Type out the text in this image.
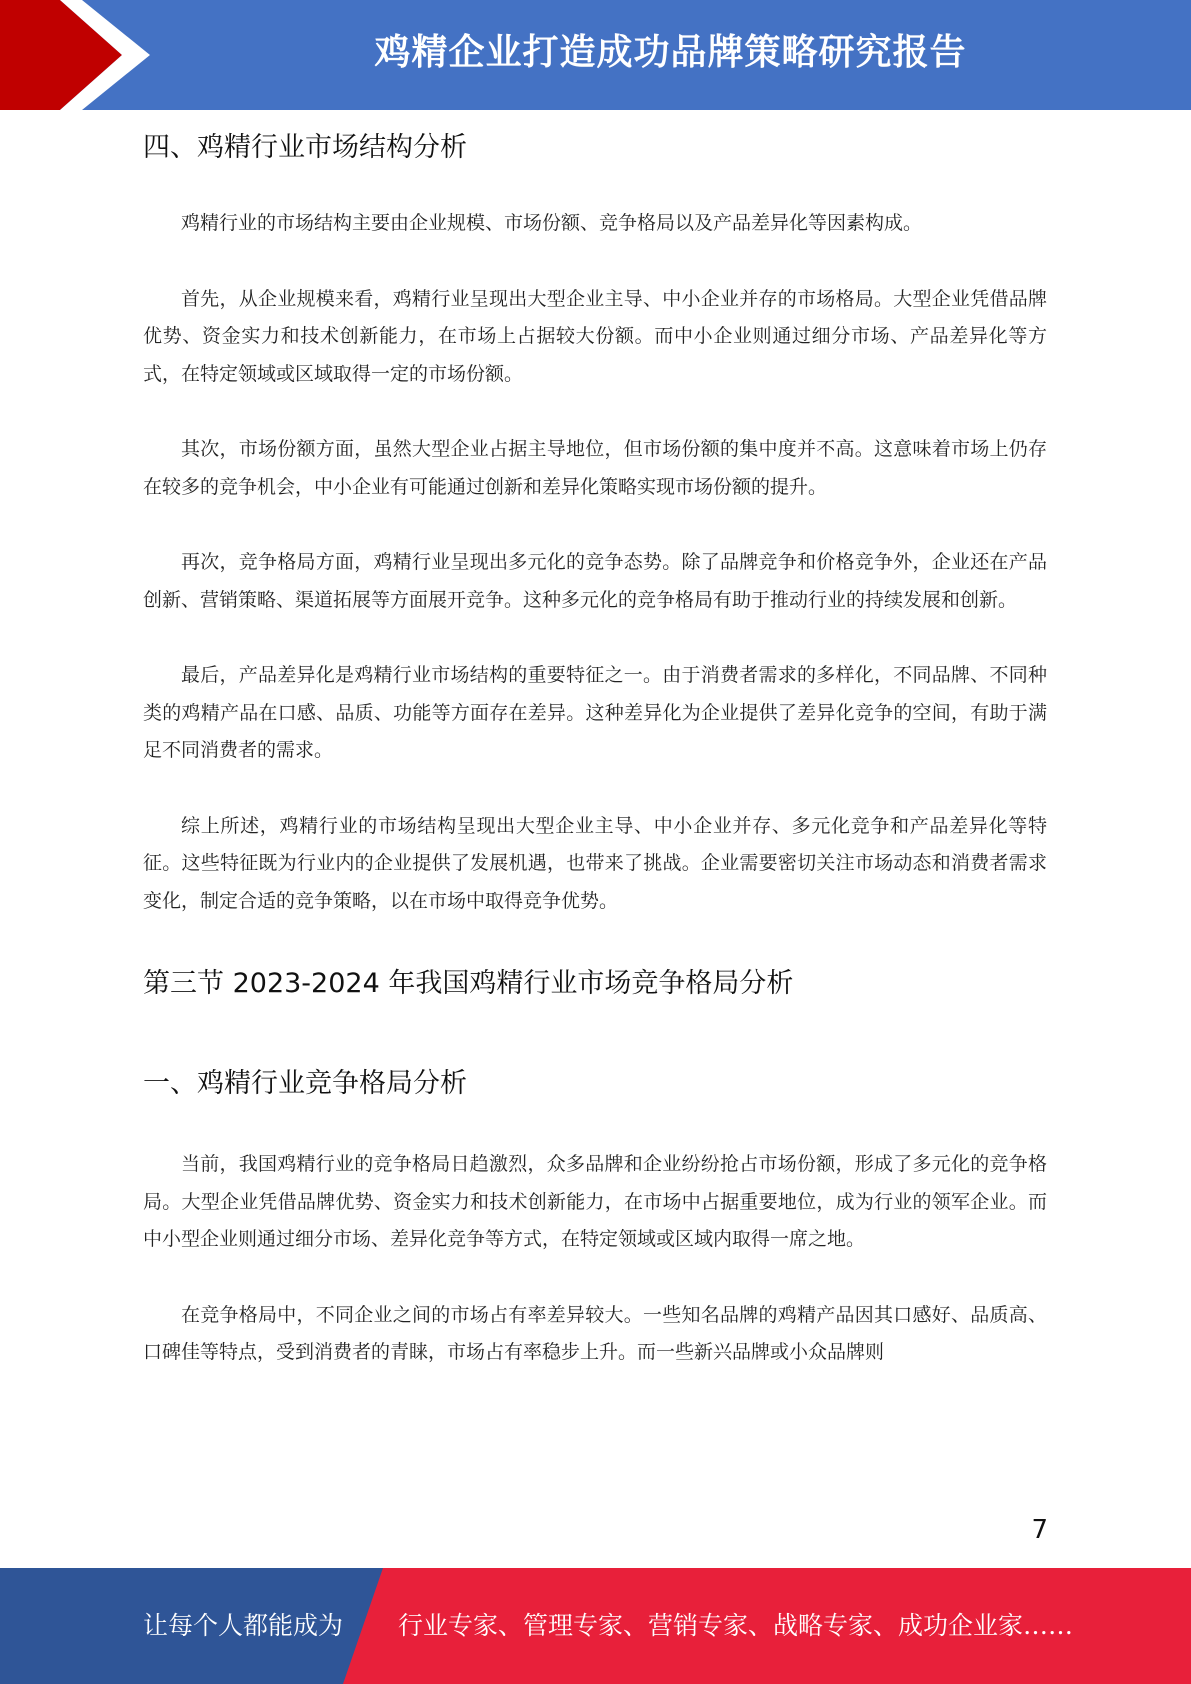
鸡精企业打造成功品牌策略研究报告
四、鸡精行业市场结构分析

鸡精行业的市场结构主要由企业规模、市场份额、竞争格局以及产品差异化等因素构成。

首先，从企业规模来看，鸡精行业呈现出大型企业主导、中小企业并存的市场格局。大型企业凭借品牌优势、资金实力和技术创新能力，在市场上占据较大份额。而中小企业则通过细分市场、产品差异化等方式，在特定领域或区域取得一定的市场份额。

其次，市场份额方面，虽然大型企业占据主导地位，但市场份额的集中度并不高。这意味着市场上仍存在较多的竞争机会，中小企业有可能通过创新和差异化策略实现市场份额的提升。

再次，竞争格局方面，鸡精行业呈现出多元化的竞争态势。除了品牌竞争和价格竞争外，企业还在产品创新、营销策略、渠道拓展等方面展开竞争。这种多元化的竞争格局有助于推动行业的持续发展和创新。

最后，产品差异化是鸡精行业市场结构的重要特征之一。由于消费者需求的多样化，不同品牌、不同种类的鸡精产品在口感、品质、功能等方面存在差异。这种差异化为企业提供了差异化竞争的空间，有助于满足不同消费者的需求。

综上所述，鸡精行业的市场结构呈现出大型企业主导、中小企业并存、多元化竞争和产品差异化等特征。这些特征既为行业内的企业提供了发展机遇，也带来了挑战。企业需要密切关注市场动态和消费者需求变化，制定合适的竞争策略，以在市场中取得竞争优势。

第三节 2023-2024 年我国鸡精行业市场竞争格局分析
一、鸡精行业竞争格局分析

当前，我国鸡精行业的竞争格局日趋激烈，众多品牌和企业纷纷抢占市场份额，形成了多元化的竞争格局。大型企业凭借品牌优势、资金实力和技术创新能力，在市场中占据重要地位，成为行业的领军企业。而中小型企业则通过细分市场、差异化竞争等方式，在特定领域或区域内取得一席之地。

在竞争格局中，不同企业之间的市场占有率差异较大。一些知名品牌的鸡精产品因其口感好、品质高、口碑佳等特点，受到消费者的青睐，市场占有率稳步上升。而一些新兴品牌或小众品牌则

7
让每个人都能成为 行业专家、管理专家、营销专家、战略专家、成功企业家……
